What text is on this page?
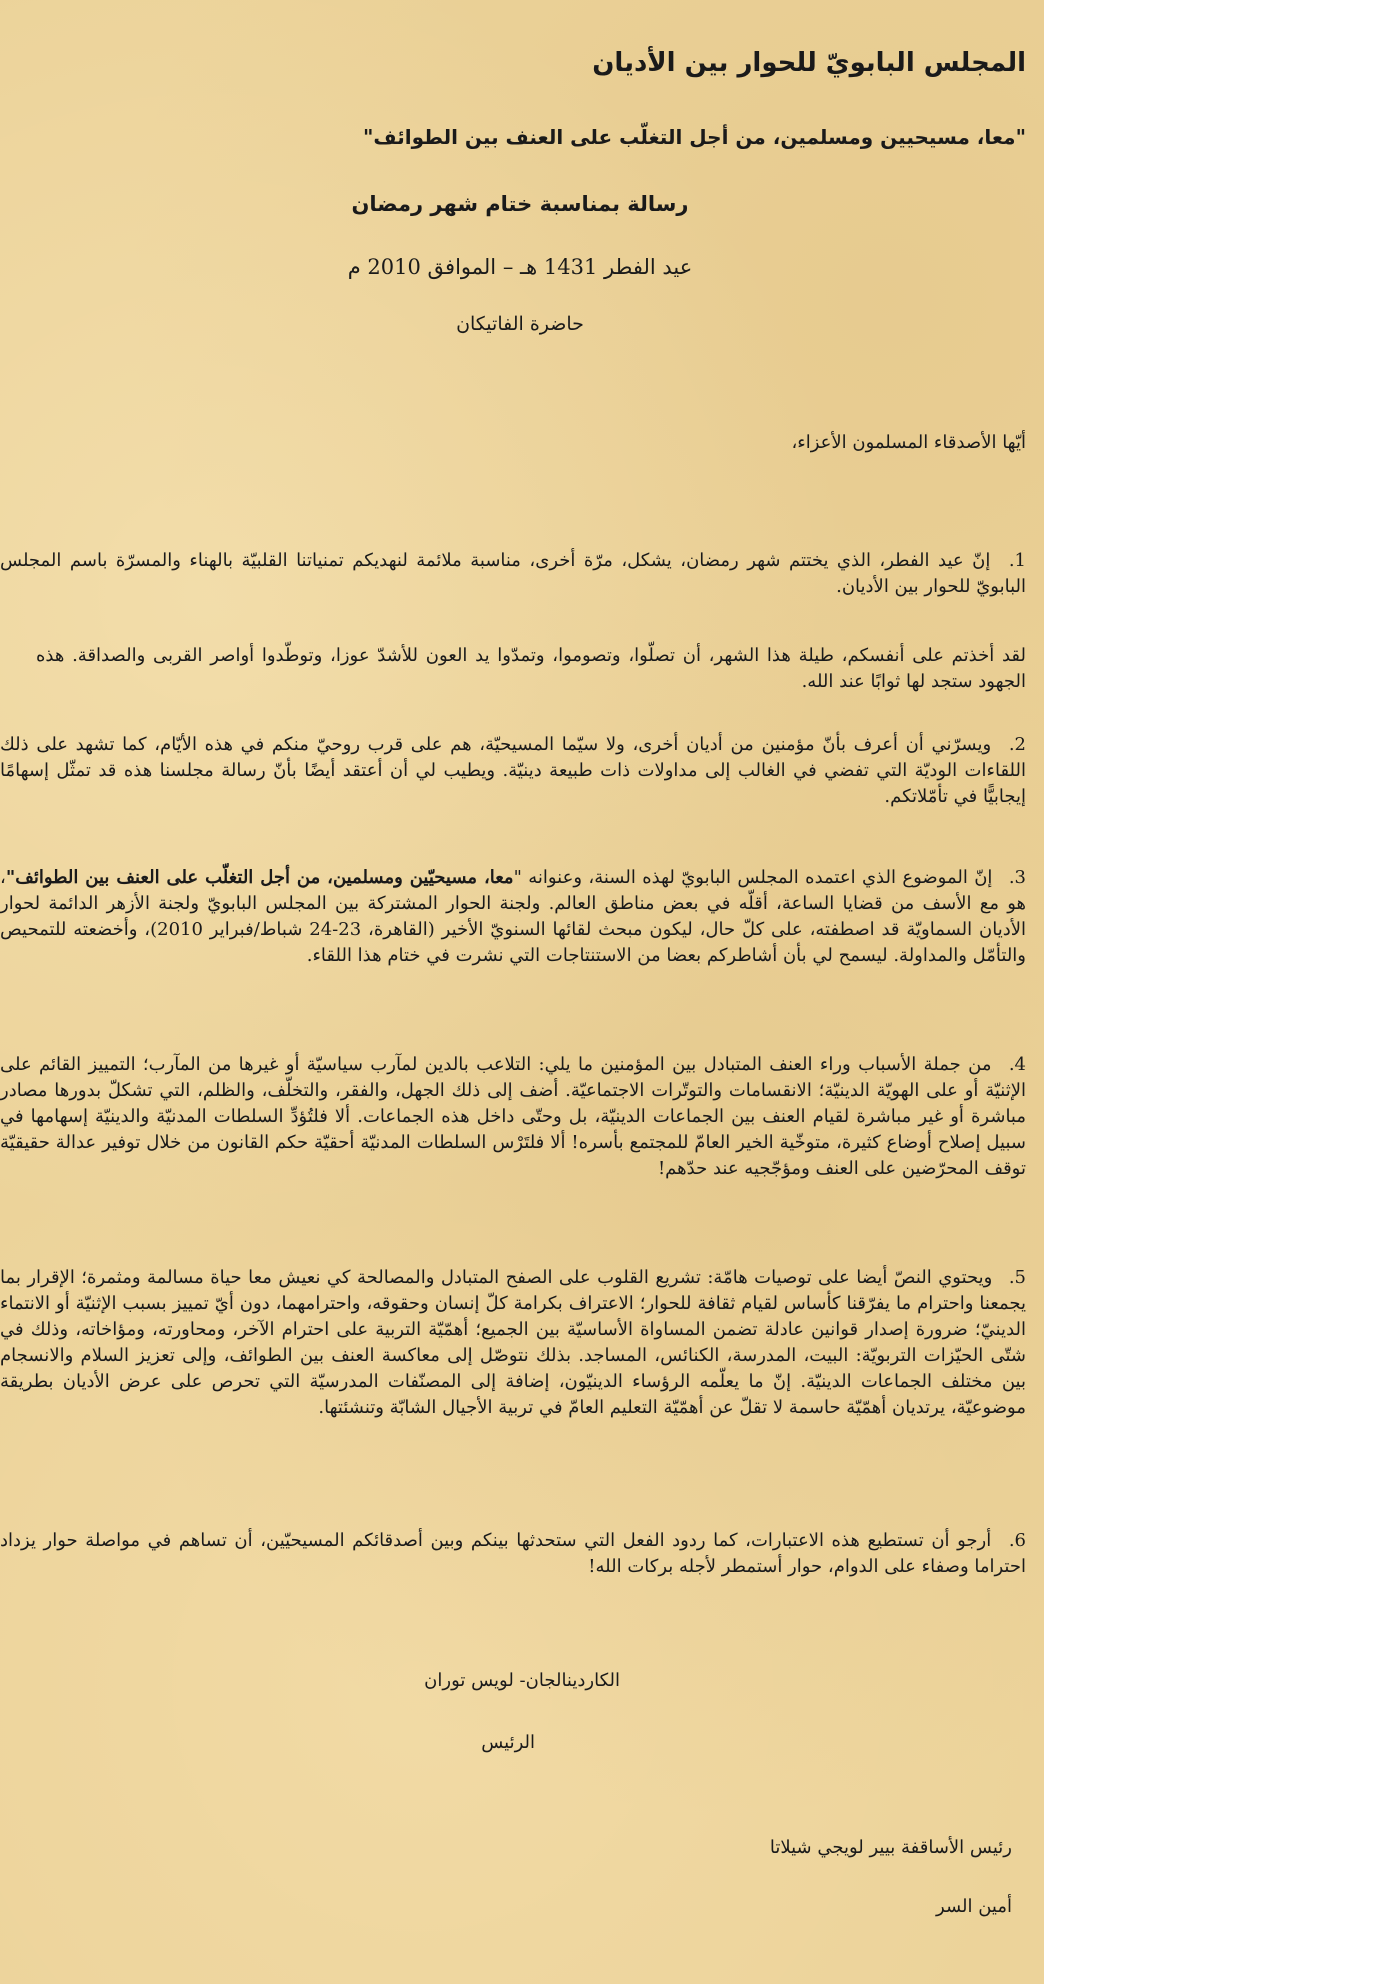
المجلس البابويّ للحوار بين الأديان

"معا، مسيحيين ومسلمين، من أجل التغلّب على العنف بين الطوائف"

رسالة بمناسبة ختام شهر رمضان

عيد الفطر 1431 هـ – الموافق 2010 م

حاضرة الفاتيكان

أيّها الأصدقاء المسلمون الأعزاء،

1. إنّ عيد الفطر، الذي يختتم شهر رمضان، يشكل، مرّة أخرى، مناسبة ملائمة لنهديكم تمنياتنا القلبيّة بالهناء والمسرّة باسم المجلس البابويّ للحوار بين الأديان.

لقد أخذتم على أنفسكم، طيلة هذا الشهر، أن تصلّوا، وتصوموا، وتمدّوا يد العون للأشدّ عوزا، وتوطّدوا أواصر القربى والصداقة. هذه الجهود ستجد لها ثوابًا عند الله.

2. ويسرّني أن أعرف بأنّ مؤمنين من أديان أخرى، ولا سيّما المسيحيّة، هم على قرب روحيّ منكم في هذه الأيّام، كما تشهد على ذلك اللقاءات الوديّة التي تفضي في الغالب إلى مداولات ذات طبيعة دينيّة. ويطيب لي أن أعتقد أيضًا بأنّ رسالة مجلسنا هذه قد تمثّل إسهامًا إيجابيًّا في تأمّلاتكم.

3. إنّ الموضوع الذي اعتمده المجلس البابويّ لهذه السنة، وعنوانه "معا، مسيحيّين ومسلمين، من أجل التغلّب على العنف بين الطوائف"، هو مع الأسف من قضايا الساعة، أقلّه في بعض مناطق العالم. ولجنة الحوار المشتركة بين المجلس البابويّ ولجنة الأزهر الدائمة لحوار الأديان السماويّة قد اصطفته، على كلّ حال، ليكون مبحث لقائها السنويّ الأخير (القاهرة، 23-24 شباط/فبراير 2010)، وأخضعته للتمحيص والتأمّل والمداولة. ليسمح لي بأن أشاطركم بعضا من الاستنتاجات التي نشرت في ختام هذا اللقاء.

4. من جملة الأسباب وراء العنف المتبادل بين المؤمنين ما يلي: التلاعب بالدين لمآرب سياسيّة أو غيرها من المآرب؛ التمييز القائم على الإثنيّة أو على الهويّة الدينيّة؛ الانقسامات والتوتّرات الاجتماعيّة. أضف إلى ذلك الجهل، والفقر، والتخلّف، والظلم، التي تشكلّ بدورها مصادر مباشرة أو غير مباشرة لقيام العنف بين الجماعات الدينيّة، بل وحتّى داخل هذه الجماعات. ألا فلتُؤدِّ السلطات المدنيّة والدينيّة إسهامها في سبيل إصلاح أوضاع كثيرة، متوخّية الخير العامّ للمجتمع بأسره! ألا فلتَرْس السلطات المدنيّة أحقيّة حكم القانون من خلال توفير عدالة حقيقيّة توقف المحرّضين على العنف ومؤجّجيه عند حدّهم!

5. ويحتوي النصّ أيضا على توصيات هامّة: تشريع القلوب على الصفح المتبادل والمصالحة كي نعيش معا حياة مسالمة ومثمرة؛ الإقرار بما يجمعنا واحترام ما يفرّقنا كأساس لقيام ثقافة للحوار؛ الاعتراف بكرامة كلّ إنسان وحقوقه، واحترامهما، دون أيّ تمييز بسبب الإثنيّة أو الانتماء الدينيّ؛ ضرورة إصدار قوانين عادلة تضمن المساواة الأساسيّة بين الجميع؛ أهمّيّة التربية على احترام الآخر، ومحاورته، ومؤاخاته، وذلك في شتّى الحيّزات التربويّة: البيت، المدرسة، الكنائس، المساجد. بذلك نتوصّل إلى معاكسة العنف بين الطوائف، وإلى تعزيز السلام والانسجام بين مختلف الجماعات الدينيّة. إنّ ما يعلّمه الرؤساء الدينيّون، إضافة إلى المصنّفات المدرسيّة التي تحرص على عرض الأديان بطريقة موضوعيّة، يرتديان أهمّيّة حاسمة لا تقلّ عن أهمّيّة التعليم العامّ في تربية الأجيال الشابّة وتنشئتها.

6. أرجو أن تستطيع هذه الاعتبارات، كما ردود الفعل التي ستحدثها بينكم وبين أصدقائكم المسيحيّين، أن تساهم في مواصلة حوار يزداد احتراما وصفاء على الدوام، حوار أستمطر لأجله بركات الله!

الكاردينالجان- لويس توران

الرئيس

رئيس الأساقفة بيير لويجي شيلاتا

أمين السر
